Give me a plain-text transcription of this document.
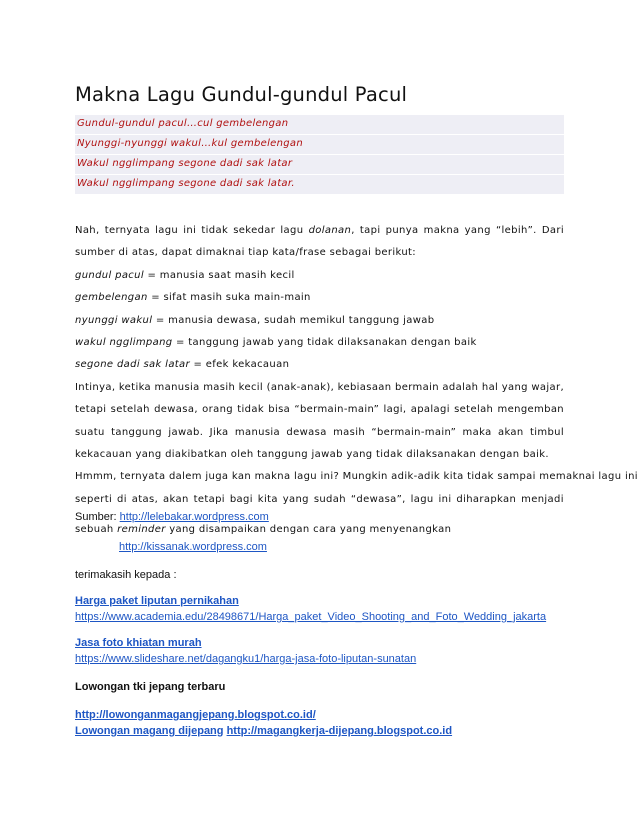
Makna Lagu Gundul-gundul Pacul
Gundul-gundul pacul…cul gembelengan
Nyunggi-nyunggi wakul…kul gembelengan
Wakul ngglimpang segone dadi sak latar
Wakul ngglimpang segone dadi sak latar.

Nah, ternyata lagu ini tidak sekedar lagu dolanan, tapi punya makna yang “lebih”. Dari sumber di atas, dapat dimaknai tiap kata/frase sebagai berikut:

gundul pacul = manusia saat masih kecil

gembelengan = sifat masih suka main-main

nyunggi wakul = manusia dewasa, sudah memikul tanggung jawab

wakul ngglimpang = tanggung jawab yang tidak dilaksanakan dengan baik

segone dadi sak latar = efek kekacauan

Intinya, ketika manusia masih kecil (anak-anak), kebiasaan bermain adalah hal yang wajar, tetapi setelah dewasa, orang tidak bisa “bermain-main” lagi, apalagi setelah mengemban suatu tanggung jawab. Jika manusia dewasa masih “bermain-main” maka akan timbul kekacauan yang diakibatkan oleh tanggung jawab yang tidak dilaksanakan dengan baik.

Hmmm, ternyata dalem juga kan makna lagu ini? Mungkin adik-adik kita tidak sampai memaknai lagu ini

seperti di atas, akan tetapi bagi kita yang sudah “dewasa”, lagu ini diharapkan menjadi

sebuah reminder yang disampaikan dengan cara yang menyenangkan

Sumber: http://lelebakar.wordpress.com
http://kissanak.wordpress.com
terimakasih kepada :
Harga paket liputan pernikahan
https://www.academia.edu/28498671/Harga_paket_Video_Shooting_and_Foto_Wedding_jakarta
Jasa foto khiatan murah
https://www.slideshare.net/dagangku1/harga-jasa-foto-liputan-sunatan
Lowongan tki jepang terbaru
http://lowonganmagangjepang.blogspot.co.id/
Lowongan magang dijepang http://magangkerja-dijepang.blogspot.co.id
